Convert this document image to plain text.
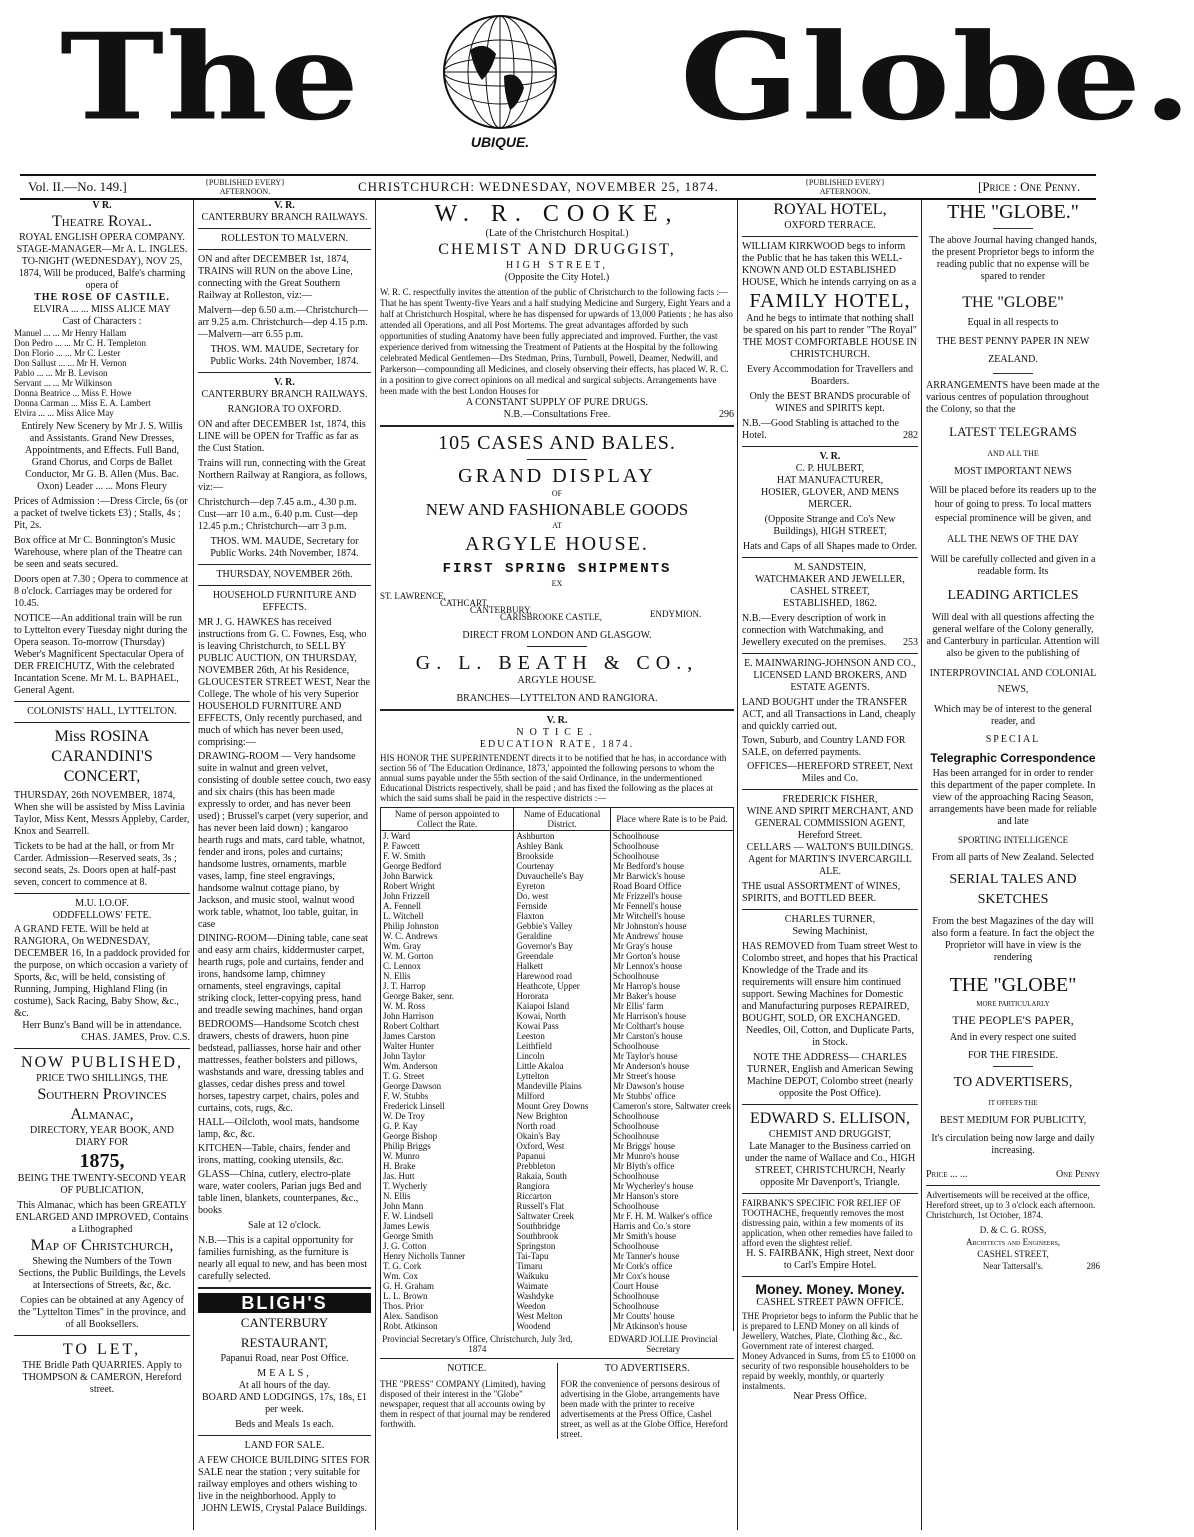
The	UBIQUE. Globe.
Vol. II.—No. 149.]	{PUBLISHED EVERY} AFTERNOON.	CHRISTCHURCH: WEDNESDAY, NOVEMBER 25, 1874.	{PUBLISHED EVERY} AFTERNOON.	[Price : One Penny.
V R.
Theatre Royal.
ROYAL ENGLISH OPERA COMPANY.
STAGE-MANAGER—Mr A. L. INGLES.
TO-NIGHT (WEDNESDAY), NOV 25, 1874, Will be produced, Balfe's charming opera of
THE ROSE OF CASTILE.
ELVIRA ... ... MISS ALICE MAY
Cast of Characters :
Manuel ... ... Mr Henry Hallam
Don Pedro ... ... Mr C. H. Templeton
Don Florio ... ... Mr C. Lester
Don Sallust ... ... Mr H. Vernon
Pablo ... ... Mr B. Levison
Servant ... ... Mr Wilkinson
Donna Beatrice ... Miss F. Howe
Donna Carman ... Miss E. A. Lambert
Elvira ... ... Miss Alice May
Entirely New Scenery by Mr J. S. Willis and Assistants. Grand New Dresses, Appointments, and Effects. Full Band, Grand Chorus, and Corps de Ballet Conductor, Mr G. B. Allen (Mus. Bac. Oxon) Leader ... ... Mons Fleury
Prices of Admission :—Dress Circle, 6s (or a packet of twelve tickets £3) ; Stalls, 4s ; Pit, 2s.
Box office at Mr C. Bonnington's Music Warehouse, where plan of the Theatre can be seen and seats secured.
Doors open at 7.30 ; Opera to commence at 8 o'clock. Carriages may be ordered for 10.45.
NOTICE—An additional train will be run to Lyttelton every Tuesday night during the Opera season. To-morrow (Thursday) Weber's Magnificent Spectacular Opera of DER FREICHUTZ, With the celebrated Incantation Scene. Mr M. L. BAPHAEL, General Agent.
COLONISTS' HALL, LYTTELTON.
Miss ROSINA CARANDINI'S CONCERT,
THURSDAY, 26th NOVEMBER, 1874, When she will be assisted by Miss Lavinia Taylor, Miss Kent, Messrs Appleby, Carder, Knox and Searrell.
Tickets to be had at the hall, or from Mr Carder. Admission—Reserved seats, 3s ; second seats, 2s. Doors open at half-past seven, concert to commence at 8.
M.U. I.O.OF.
ODDFELLOWS' FETE.
A GRAND FETE. Will be held at RANGIORA, On WEDNESDAY, DECEMBER 16, In a paddock provided for the purpose, on which occasion a variety of Sports, &c, will be held, consisting of Running, Jumping, Highland Fling (in costume), Sack Racing, Baby Show, &c., &c.
Herr Bunz's Band will be in attendance.
CHAS. JAMES, Prov. C.S.
NOW PUBLISHED,
PRICE TWO SHILLINGS, THE
Southern Provinces Almanac,
DIRECTORY, YEAR BOOK, AND DIARY FOR
1875,
BEING THE TWENTY-SECOND YEAR OF PUBLICATION,
This Almanac, which has been GREATLY ENLARGED AND IMPROVED, Contains a Lithographed
Map of Christchurch,
Shewing the Numbers of the Town Sections, the Public Buildings, the Levels at Intersections of Streets, &c, &c.
Copies can be obtained at any Agency of the "Lyttelton Times" in the province, and of all Booksellers.
TO LET,
THE Bridle Path QUARRIES. Apply to THOMPSON & CAMERON, Hereford street.
V. R.
CANTERBURY BRANCH RAILWAYS.
ROLLESTON TO MALVERN.
ON and after DECEMBER 1st, 1874, TRAINS will RUN on the above Line, connecting with the Great Southern Railway at Rolleston, viz:—
Malvern—dep 6.50 a.m.—Christchurch—arr 9.25 a.m. Christchurch—dep 4.15 p.m.—Malvern—arr 6.55 p.m.
THOS. WM. MAUDE, Secretary for Public Works. 24th November, 1874.
V. R.
CANTERBURY BRANCH RAILWAYS.
RANGIORA TO OXFORD.
ON and after DECEMBER 1st, 1874, this LINE will be OPEN for Traffic as far as the Cust Station.
Trains will run, connecting with the Great Northern Railway at Rangiora, as follows, viz:—
Christchurch—dep 7.45 a.m., 4.30 p.m. Cust—arr 10 a.m., 6.40 p.m. Cust—dep 12.45 p.m.; Christchurch—arr 3 p.m.
THOS. WM. MAUDE, Secretary for Public Works. 24th November, 1874.
THURSDAY, NOVEMBER 26th.
HOUSEHOLD FURNITURE AND EFFECTS.
MR J. G. HAWKES has received instructions from G. C. Fownes, Esq, who is leaving Christchurch, to SELL BY PUBLIC AUCTION, ON THURSDAY, NOVEMBER 26th, At his Residence, GLOUCESTER STREET WEST, Near the College. The whole of his very Superior HOUSEHOLD FURNITURE AND EFFECTS, Only recently purchased, and much of which has never been used, comprising:—
DRAWING-ROOM — Very handsome suite in walnut and green velvet, consisting of double settee couch, two easy and six chairs (this has been made expressly to order, and has never been used) ; Brussel's carpet (very superior, and has never been laid down) ; kangaroo hearth rugs and mats, card table, whatnot, fender and irons, poles and curtains; handsome lustres, ornaments, marble vases, lamp, fine steel engravings, handsome walnut cottage piano, by Jackson, and music stool, walnut wood work table, whatnot, loo table, guitar, in case
DINING-ROOM—Dining table, cane seat and easy arm chairs, kiddermuster carpet, hearth rugs, pole and curtains, fender and irons, handsome lamp, chimney ornaments, steel engravings, capital striking clock, letter-copying press, hand and treadle sewing machines, hand organ
BEDROOMS—Handsome Scotch chest drawers, chests of drawers, huon pine bedstead, palliasses, horse hair and other mattresses, feather bolsters and pillows, washstands and ware, dressing tables and glasses, cedar dishes press and towel horses, tapestry carpet, chairs, poles and curtains, cots, rugs, &c.
HALL—Oilcloth, wool mats, handsome lamp, &c, &c.
KITCHEN—Table, chairs, fender and irons, matting, cooking utensils, &c.
GLASS—China, cutlery, electro-plate ware, water coolers, Parian jugs Bed and table linen, blankets, counterpanes, &c., books
Sale at 12 o'clock.
N.B.—This is a capital opportunity for families furnishing, as the furniture is nearly all equal to new, and has been most carefully selected.
BLIGH'S
CANTERBURY RESTAURANT,
Papanui Road, near Post Office.
MEALS,
At all hours of the day.
BOARD AND LODGINGS, 17s, 18s, £1 per week.
Beds and Meals 1s each.
LAND FOR SALE.
A FEW CHOICE BUILDING SITES FOR SALE near the station ; very suitable for railway employes and others wishing to live in the neighborhood. Apply to
JOHN LEWIS, Crystal Palace Buildings.
W. R. COOKE,
(Late of the Christchurch Hospital.)
CHEMIST AND DRUGGIST,
HIGH STREET,
(Opposite the City Hotel.)
W. R. C. respectfully invites the attention of the public of Christchurch to the following facts :—That he has spent Twenty-five Years and a half studying Medicine and Surgery, Eight Years and a half at Christchurch Hospital, where he has dispensed for upwards of 13,000 Patients ; he has also attended all Operations, and all Post Mortems. The great advantages afforded by such opportunities of studing Anatomy have been fully appreciated and improved. Further, the vast experience derived from witnessing the Treatment of Patients at the Hospital by the following celebrated Medical Gentlemen—Drs Stedman, Prins, Turnbull, Powell, Deamer, Nedwill, and Parkerson—compounding all Medicines, and closely observing their effects, has placed W. R. C. in a position to give correct opinions on all medical and surgical subjects. Arrangements have been made with the best London Houses for
A CONSTANT SUPPLY OF PURE DRUGS.
N.B.—Consultations Free.	296
105 CASES AND BALES.
GRAND DISPLAY
OF
NEW AND FASHIONABLE GOODS
AT
ARGYLE HOUSE.
FIRST SPRING SHIPMENTS
EX
ST. LAWRENCE,
CATHCART,
CANTERBURY,
CARISBROOKE CASTLE,	ENDYMION.
DIRECT FROM LONDON AND GLASGOW.
G. L. BEATH & CO.,
ARGYLE HOUSE.
BRANCHES—LYTTELTON AND RANGIORA.
V. R.
NOTICE.
EDUCATION RATE, 1874.
HIS HONOR THE SUPERINTENDENT directs it to be notified that he has, in accordance with section 56 of 'The Education Ordinance, 1873,' appointed the following persons to whom the annual sums payable under the 55th section of the said Ordinance, in the undermentioned Educational Districts respectively, shall be paid ; and has fixed the following as the places at which the said sums shall be paid in the respective districts :—
Name of person appointed to Collect the Rate.	Name of Educational District.	Place where Rate is to be Paid.
J. Ward	Ashburton	Schoolhouse
P. Fawcett	Ashley Bank	Schoolhouse
F. W. Smith	Brookside	Schoolhouse
George Bedford	Courtenay	Mr Bedford's house
John Barwick	Duvauchelle's Bay	Mr Barwick's house
Robert Wright	Eyreton	Road Board Office
John Frizzell	Do. west	Mr Frizzell's house
A. Fennell	Fernside	Mr Fennell's house
L. Witchell	Flaxton	Mr Witchell's house
Philip Johnston	Gebbie's Valley	Mr Johnston's house
W. C. Andrews	Geraldine	Mr Andrews' house
Wm. Gray	Governor's Bay	Mr Gray's house
W. M. Gorton	Greendale	Mr Gorton's house
C. Lennox	Halkett	Mr Lennox's house
N. Ellis	Harewood road	Schoolhouse
J. T. Harrop	Heathcote, Upper	Mr Harrop's house
George Baker, senr.	Hororata	Mr Baker's house
W. M. Ross	Kaiapoi Island	Mr Ellis' farm
John Harrison	Kowai, North	Mr Harrison's house
Robert Colthart	Kowai Pass	Mr Colthart's house
James Carston	Leeston	Mr Carston's house
Walter Hunter	Leithfield	Schoolhouse
John Taylor	Lincoln	Mr Taylor's house
Wm. Anderson	Little Akaloa	Mr Anderson's house
T. G. Street	Lyttelton	Mr Street's house
George Dawson	Mandeville Plains	Mr Dawson's house
F. W. Stubbs	Milford	Mr Stubbs' office
Frederick Linsell	Mount Grey Downs	Cameron's store, Saltwater creek
W. De Troy	New Brighton	Schoolhouse
G. P. Kay	North road	Schoolhouse
George Bishop	Okain's Bay	Schoolhouse
Philip Briggs	Oxford, West	Mr Briggs' house
W. Munro	Papanui	Mr Munro's house
H. Brake	Prebbleton	Mr Blyth's office
Jas. Hutt	Rakaia, South	Schoolhouse
T. Wycherly	Rangiora	Mr Wycherley's house
N. Ellis	Riccarton	Mr Hanson's store
John Mann	Russell's Flat	Schoolhouse
F. W. Lindsell	Saltwater Creek	Mr F. H. M. Walker's office
James Lewis	Southbridge	Harris and Co.'s store
George Smith	Southbrook	Mr Smith's house
J. G. Cotton	Springston	Schoolhouse
Henry Nicholls Tanner	Tai-Tapu	Mr Tanner's house
T. G. Cork	Timaru	Mr Cork's office
Wm. Cox	Waikuku	Mr Cox's house
G. H. Graham	Waimate	Court House
L. L. Brown	Washdyke	Schoolhouse
Thos. Prior	Weedon	Schoolhouse
Alex. Sandison	West Melton	Mr Coutts' house
Robt. Atkinson	Woodend	Mr Atkinson's house
Provincial Secretary's Office, Christchurch, July 3rd, 1874
EDWARD JOLLIE Provincial Secretary
NOTICE.
THE "PRESS" COMPANY (Limited), having disposed of their interest in the "Globe" newspaper, request that all accounts owing by them in respect of that journal may be rendered forthwith.
TO ADVERTISERS.
FOR the convenience of persons desirous of advertising in the Globe, arrangements have been made with the printer to receive advertisements at the Press Office, Cashel street, as well as at the Globe Office, Hereford street.
ROYAL HOTEL,
OXFORD TERRACE.
WILLIAM KIRKWOOD begs to inform the Public that he has taken this WELL-KNOWN AND OLD ESTABLISHED HOUSE, Which he intends carrying on as a
FAMILY HOTEL,
And he begs to intimate that nothing shall be spared on his part to render "The Royal" THE MOST COMFORTABLE HOUSE IN CHRISTCHURCH.
Every Accommodation for Travellers and Boarders.
Only the BEST BRANDS procurable of WINES and SPIRITS kept.
N.B.—Good Stabling is attached to the Hotel.	282
V. R.
C. P. HULBERT,
HAT MANUFACTURER,
HOSIER, GLOVER, AND MENS MERCER.
(Opposite Strange and Co's New Buildings), HIGH STREET,
Hats and Caps of all Shapes made to Order.
M. SANDSTEIN,
WATCHMAKER AND JEWELLER,
CASHEL STREET,
ESTABLISHED, 1862.
N.B.—Every description of work in connection with Watchmaking, and Jewellery executed on the premises.	253
E. MAINWARING-JOHNSON AND CO.,
LICENSED LAND BROKERS, AND ESTATE AGENTS.
LAND BOUGHT under the TRANSFER ACT, and all Transactions in Land, cheaply and quickly carried out.
Town, Suburb, and Country LAND FOR SALE, on deferred payments.
OFFICES—HEREFORD STREET, Next Miles and Co.
FREDERICK FISHER,
WINE AND SPIRIT MERCHANT, AND GENERAL COMMISSION AGENT,
Hereford Street.
CELLARS — WALTON'S BUILDINGS.
Agent for MARTIN'S INVERCARGILL ALE.
THE usual ASSORTMENT of WINES, SPIRITS, and BOTTLED BEER.
CHARLES TURNER,
Sewing Machinist,
HAS REMOVED from Tuam street West to Colombo street, and hopes that his Practical Knowledge of the Trade and its requirements will ensure him continued support. Sewing Machines for Domestic and Manufacturing purposes REPAIRED, BOUGHT, SOLD, OR EXCHANGED.
Needles, Oil, Cotton, and Duplicate Parts, in Stock.
NOTE THE ADDRESS— CHARLES TURNER, English and American Sewing Machine DEPOT, Colombo street (nearly opposite the Post Office).
EDWARD S. ELLISON,
CHEMIST AND DRUGGIST,
Late Manager to the Business carried on under the name of Wallace and Co., HIGH STREET, CHRISTCHURCH, Nearly opposite Mr Davenport's, Triangle.
FAIRBANK'S SPECIFIC FOR RELIEF OF TOOTHACHE, frequently removes the most distressing pain, within a few moments of its application, when other remedies have failed to afford even the slightest relief.
H. S. FAIRBANK, High street, Next door to Carl's Empire Hotel.
Money. Money. Money.
CASHEL STREET PAWN OFFICE.
THE Proprietor begs to inform the Public that he is prepared to LEND Money on all kinds of Jewellery, Watches, Plate, Clothing &c., &c. Government rate of interest charged.
Money Advanced in Sums, from £5 to £1000 on security of two responsible householders to be repaid by weekly, monthly, or quarterly instalments.
Near Press Office.
THE "GLOBE."
The above Journal having changed hands, the present Proprietor begs to inform the reading public that no expense will be spared to render
THE "GLOBE"
Equal in all respects to
THE BEST PENNY PAPER IN NEW ZEALAND.
ARRANGEMENTS have been made at the various centres of population throughout the Colony, so that the
LATEST TELEGRAMS
AND ALL THE
MOST IMPORTANT NEWS
Will be placed before its readers up to the hour of going to press. To local matters especial prominence will be given, and
ALL THE NEWS OF THE DAY
Will be carefully collected and given in a readable form. Its
LEADING ARTICLES
Will deal with all questions affecting the general welfare of the Colony generally, and Canterbury in particular. Attention will also be given to the publishing of
INTERPROVINCIAL AND COLONIAL NEWS,
Which may be of interest to the general reader, and
SPECIAL
Telegraphic Correspondence
Has been arranged for in order to render this department of the paper complete. In view of the approaching Racing Season, arrangements have been made for reliable and late
SPORTING INTELLIGENCE
From all parts of New Zealand. Selected
SERIAL TALES AND SKETCHES
From the best Magazines of the day will also form a feature. In fact the object the Proprietor will have in view is the rendering
THE "GLOBE"
MORE PARTICULARLY
THE PEOPLE'S PAPER,
And in every respect one suited
FOR THE FIRESIDE.
TO ADVERTISERS,
IT OFFERS THE
BEST MEDIUM FOR PUBLICITY,
It's circulation being now large and daily increasing.
Price ... ...	One Penny
Advertisements will be received at the office, Hereford street, up to 3 o'clock each afternoon.
Christchurch, 1st October, 1874.
D. & C. G. ROSS,
Architects and Engineers,
CASHEL STREET,
Near Tattersall's.	286
